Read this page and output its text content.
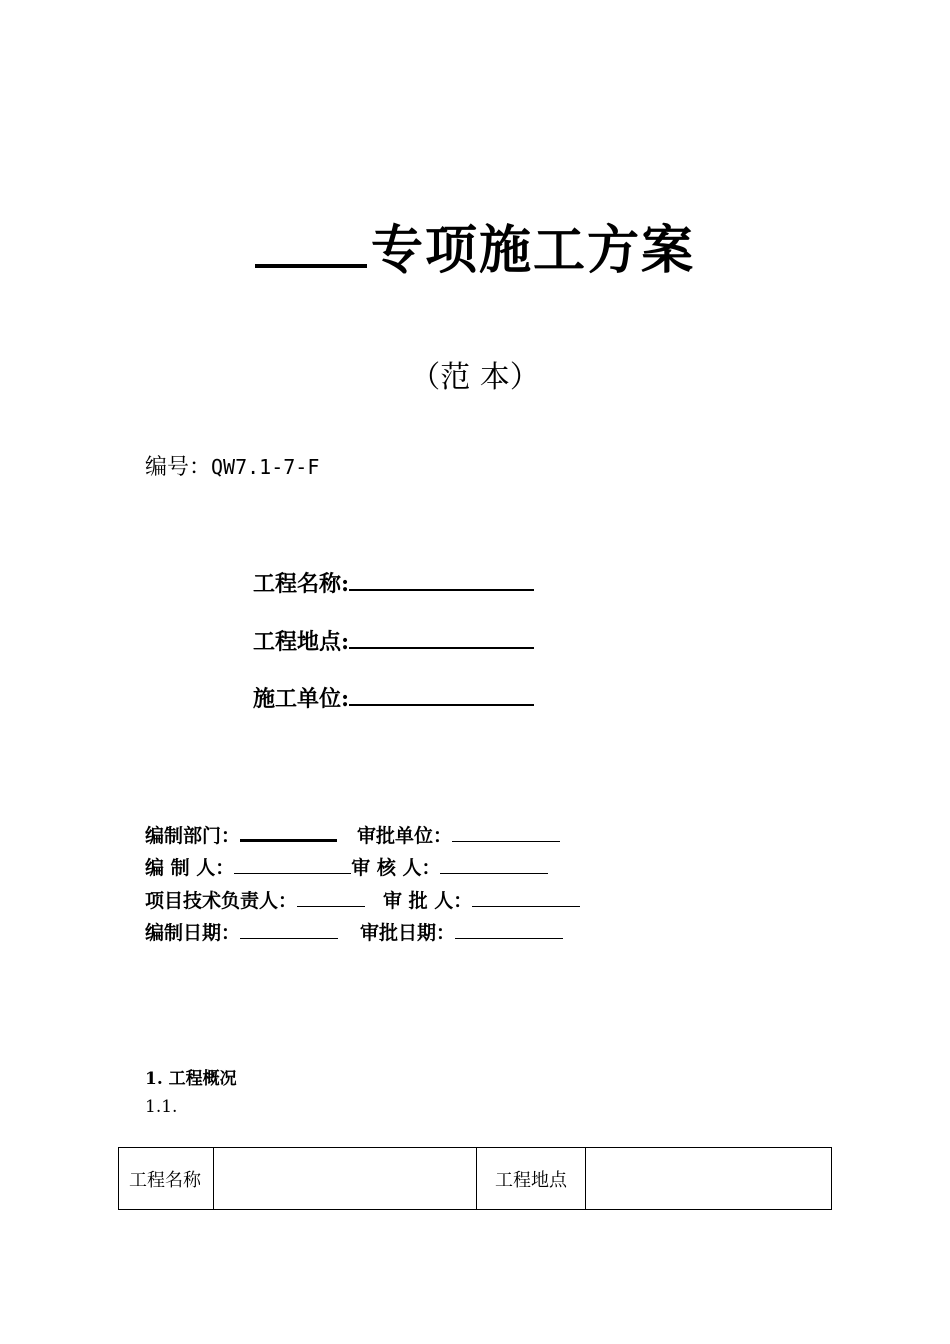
专项施工方案
（范 本）
编号：QW7.1-7-F
工程名称:
工程地点:
施工单位:
编制部门：	审批单位：
编 制 人：	审 核 人：
项目技术负责人：	审 批 人：
编制日期：	审批日期：
1. 工程概况
1.1.
工程名称		工程地点	
